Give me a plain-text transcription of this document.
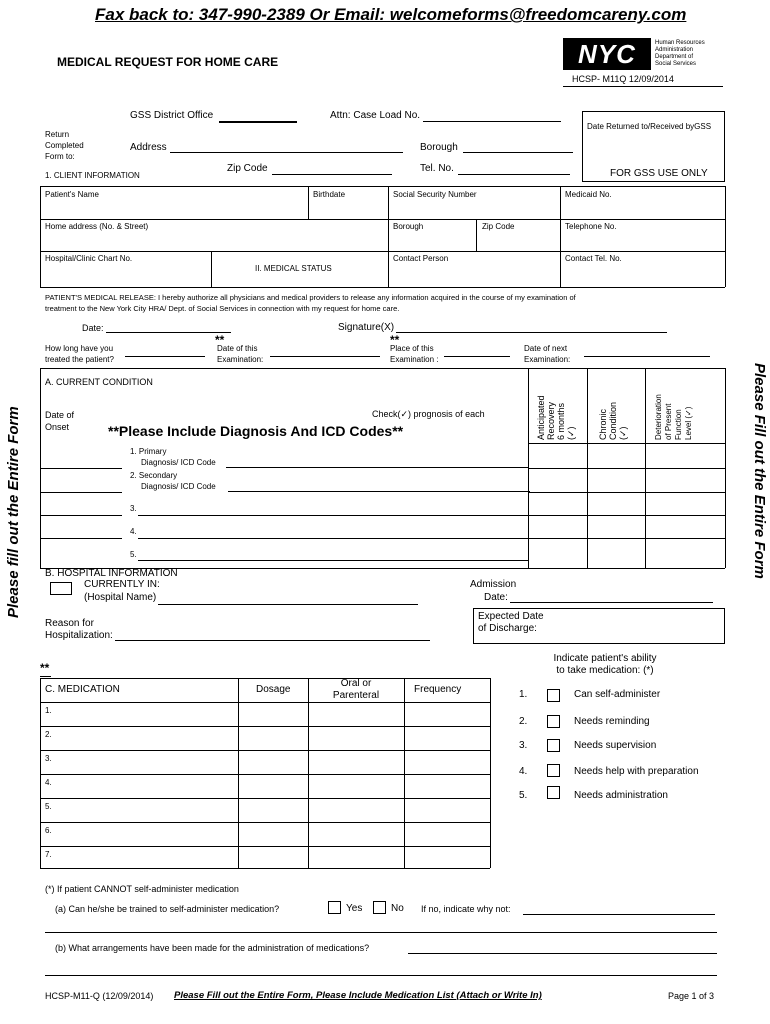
Fax back to: 347-990-2389 Or Email: welcomeforms@freedomcareny.com
MEDICAL REQUEST FOR HOME CARE	NYC	Human Resources
Administration
Department of
Social Services
HCSP- M11Q 12/09/2014
Please fill out the Entire Form	Please Fill out the Entire Form
GSS District Office	Attn: Case Load No.
Return
Completed
Form to:
Address	Borough
Zip Code	Tel. No.
Date Returned to/Received byGSS
FOR GSS USE ONLY
1. CLIENT INFORMATION
Patient's Name	Birthdate	Social Security Number	Medicaid No.
Home address (No. & Street)	Borough	Zip Code	Telephone No.
Hospital/Clinic Chart No.
II. MEDICAL STATUS
Contact Person	Contact Tel. No.
PATIENT'S MEDICAL RELEASE: I hereby authorize all physicians and medical providers to release any information acquired in the course of my examination of
treatment to the New York City HRA/ Dept. of Social Services in connection with my request for home care.
Date:	Signature(X)
How long have you
treated the patient?
**
Date of this
Examination:
**
Place of this
Examination :
Date of next
Examination:
A. CURRENT CONDITION
Date of
Onset
Check(✓) prognosis of each
**Please Include Diagnosis And ICD Codes**	Anticipated Recovery 6 months (✓) Chronic Condition (✓)	Deterioration of Present Function Level (✓)
1. Primary
Diagnosis/ ICD Code
2. Secondary
Diagnosis/ ICD Code
3.
4.
5.
B. HOSPITAL INFORMATION
CURRENTLY IN:
(Hospital Name)
Admission
Date:
Reason for
Hospitalization:
Expected Date
of Discharge:
**
C. MEDICATION	Dosage
Oral or
Parenteral
Frequency
1.
2.
3.
4.
5.
6.
7.
Indicate patient's ability
to take medication: (*)
1.	Can self-administer
2.	Needs reminding
3.	Needs supervision
4.	Needs help with preparation
5.	Needs administration
(*) If patient CANNOT self-administer medication
(a) Can he/she be trained to self-administer medication?	Yes	No If no, indicate why not:
(b) What arrangements have been made for the administration of medications?
HCSP-M11-Q (12/09/2014) Please Fill out the Entire Form, Please Include Medication List (Attach or Write In)	Page 1 of 3
